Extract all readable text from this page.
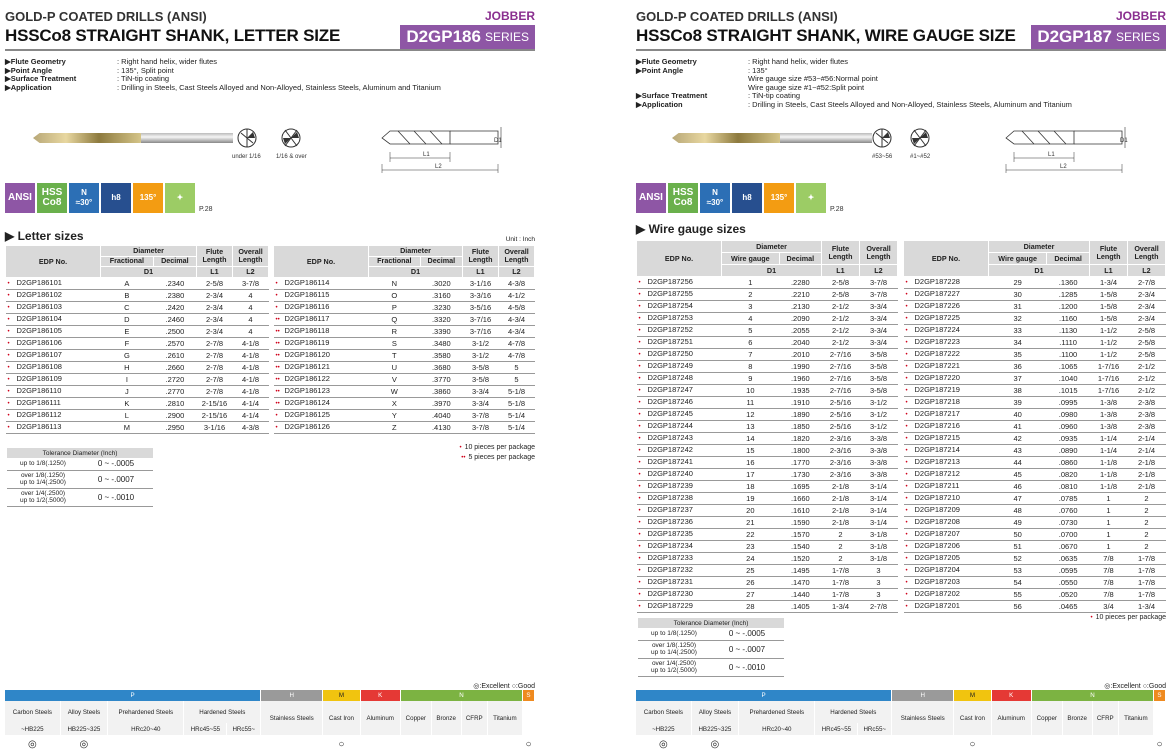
GOLD-P COATED DRILLS (ANSI)	JOBBER
HSSCo8 STRAIGHT SHANK, LETTER SIZE	D2GP186 SERIES
▶Flute Geometry	: Right hand helix, wider flutes
▶Point Angle	: 135°, Split point
▶Surface Treatment	: TiN-tip coating
▶Application	: Drilling in Steels, Cast Steels Alloyed and Non-Alloyed, Stainless Steels, Aluminum and Titanium
under 1/16	1/16 & over
D1
L1
L2
ANSI HSS
Co8
N
≈30°
h8	135°	✦
P.28
▶ Letter sizes	Unit : Inch
EDP No.	Diameter		Flute Length	Overall Length
	Fractional	Decimal		
	D1		L1	L2
• D2GP186101	A	.2340	2-5/8	3-7/8
• D2GP186102	B	.2380	2-3/4	4
• D2GP186103	C	.2420	2-3/4	4
• D2GP186104	D	.2460	2-3/4	4
• D2GP186105	E	.2500	2-3/4	4
• D2GP186106	F	.2570	2-7/8	4-1/8
• D2GP186107	G	.2610	2-7/8	4-1/8
• D2GP186108	H	.2660	2-7/8	4-1/8
• D2GP186109	I	.2720	2-7/8	4-1/8
• D2GP186110	J	.2770	2-7/8	4-1/8
• D2GP186111	K	.2810	2-15/16	4-1/4
• D2GP186112	L	.2900	2-15/16	4-1/4
• D2GP186113	M	.2950	3-1/16	4-3/8
EDP No.	Diameter		Flute Length	Overall Length
	Fractional	Decimal		
	D1		L1	L2
• D2GP186114	N	.3020	3-1/16	4-3/8
• D2GP186115	O	.3160	3-3/16	4-1/2
• D2GP186116	P	.3230	3-5/16	4-5/8
•• D2GP186117	Q	.3320	3-7/16	4-3/4
•• D2GP186118	R	.3390	3-7/16	4-3/4
•• D2GP186119	S	.3480	3-1/2	4-7/8
•• D2GP186120	T	.3580	3-1/2	4-7/8
•• D2GP186121	U	.3680	3-5/8	5
•• D2GP186122	V	.3770	3-5/8	5
•• D2GP186123	W	.3860	3-3/4	5-1/8
•• D2GP186124	X	.3970	3-3/4	5-1/8
• D2GP186125	Y	.4040	3-7/8	5-1/4
• D2GP186126	Z	.4130	3-7/8	5-1/4
• 10 pieces per package
•• 5 pieces per package
Tolerance Diameter (Inch)	
up to 1/8(.1250)	0 ~ -.0005
over 1/8(.1250)
up to 1/4(.2500)	0 ~ -.0007
over 1/4(.2500)
up to 1/2(.5000)	0 ~ -.0010
◎:Excellent ○:Good
P					H	M	K	N				S
Carbon Steels	Alloy Steels	Prehardened Steels	Hardened Steels		Stainless Steels	Cast Iron	Aluminum	Copper	Bronze	CFRP	Titanium	
~HB225	HB225~325	HRc20~40	HRc45~55	HRc55~								
◎	◎					○						○
GOLD-P COATED DRILLS (ANSI)	JOBBER
HSSCo8 STRAIGHT SHANK, WIRE GAUGE SIZE D2GP187 SERIES
▶Flute Geometry	: Right hand helix, wider flutes
▶Point Angle	: 135°
Wire gauge size #53~#56:Normal point
Wire gauge size #1~#52:Split point
▶Surface Treatment	: TiN-tip coating
▶Application	: Drilling in Steels, Cast Steels Alloyed and Non-Alloyed, Stainless Steels, Aluminum and Titanium
#53~56	#1~#52
D1
L1
L2
ANSI HSS
Co8
N
≈30°
h8	135°	✦
P.28
▶ Wire gauge sizes
EDP No.	Diameter		Flute Length	Overall Length
	Wire gauge	Decimal		
	D1		L1	L2
• D2GP187256	1	.2280	2-5/8	3-7/8
• D2GP187255	2	.2210	2-5/8	3-7/8
• D2GP187254	3	.2130	2-1/2	3-3/4
• D2GP187253	4	.2090	2-1/2	3-3/4
• D2GP187252	5	.2055	2-1/2	3-3/4
• D2GP187251	6	.2040	2-1/2	3-3/4
• D2GP187250	7	.2010	2-7/16	3-5/8
• D2GP187249	8	.1990	2-7/16	3-5/8
• D2GP187248	9	.1960	2-7/16	3-5/8
• D2GP187247	10	.1935	2-7/16	3-5/8
• D2GP187246	11	.1910	2-5/16	3-1/2
• D2GP187245	12	.1890	2-5/16	3-1/2
• D2GP187244	13	.1850	2-5/16	3-1/2
• D2GP187243	14	.1820	2-3/16	3-3/8
• D2GP187242	15	.1800	2-3/16	3-3/8
• D2GP187241	16	.1770	2-3/16	3-3/8
• D2GP187240	17	.1730	2-3/16	3-3/8
• D2GP187239	18	.1695	2-1/8	3-1/4
• D2GP187238	19	.1660	2-1/8	3-1/4
• D2GP187237	20	.1610	2-1/8	3-1/4
• D2GP187236	21	.1590	2-1/8	3-1/4
• D2GP187235	22	.1570	2	3-1/8
• D2GP187234	23	.1540	2	3-1/8
• D2GP187233	24	.1520	2	3-1/8
• D2GP187232	25	.1495	1-7/8	3
• D2GP187231	26	.1470	1-7/8	3
• D2GP187230	27	.1440	1-7/8	3
• D2GP187229	28	.1405	1-3/4	2-7/8
EDP No.	Diameter		Flute Length	Overall Length
	Wire gauge	Decimal		
	D1		L1	L2
• D2GP187228	29	.1360	1-3/4	2-7/8
• D2GP187227	30	.1285	1-5/8	2-3/4
• D2GP187226	31	.1200	1-5/8	2-3/4
• D2GP187225	32	.1160	1-5/8	2-3/4
• D2GP187224	33	.1130	1-1/2	2-5/8
• D2GP187223	34	.1110	1-1/2	2-5/8
• D2GP187222	35	.1100	1-1/2	2-5/8
• D2GP187221	36	.1065	1-7/16	2-1/2
• D2GP187220	37	.1040	1-7/16	2-1/2
• D2GP187219	38	.1015	1-7/16	2-1/2
• D2GP187218	39	.0995	1-3/8	2-3/8
• D2GP187217	40	.0980	1-3/8	2-3/8
• D2GP187216	41	.0960	1-3/8	2-3/8
• D2GP187215	42	.0935	1-1/4	2-1/4
• D2GP187214	43	.0890	1-1/4	2-1/4
• D2GP187213	44	.0860	1-1/8	2-1/8
• D2GP187212	45	.0820	1-1/8	2-1/8
• D2GP187211	46	.0810	1-1/8	2-1/8
• D2GP187210	47	.0785	1	2
• D2GP187209	48	.0760	1	2
• D2GP187208	49	.0730	1	2
• D2GP187207	50	.0700	1	2
• D2GP187206	51	.0670	1	2
• D2GP187205	52	.0635	7/8	1-7/8
• D2GP187204	53	.0595	7/8	1-7/8
• D2GP187203	54	.0550	7/8	1-7/8
• D2GP187202	55	.0520	7/8	1-7/8
• D2GP187201	56	.0465	3/4	1-3/4
• 10 pieces per package
Tolerance Diameter (Inch)	
up to 1/8(.1250)	0 ~ -.0005
over 1/8(.1250)
up to 1/4(.2500)	0 ~ -.0007
over 1/4(.2500)
up to 1/2(.5000)	0 ~ -.0010
◎:Excellent ○:Good
P					H	M	K	N				S
Carbon Steels	Alloy Steels	Prehardened Steels	Hardened Steels		Stainless Steels	Cast Iron	Aluminum	Copper	Bronze	CFRP	Titanium	
~HB225	HB225~325	HRc20~40	HRc45~55	HRc55~								
◎	◎					○						○
